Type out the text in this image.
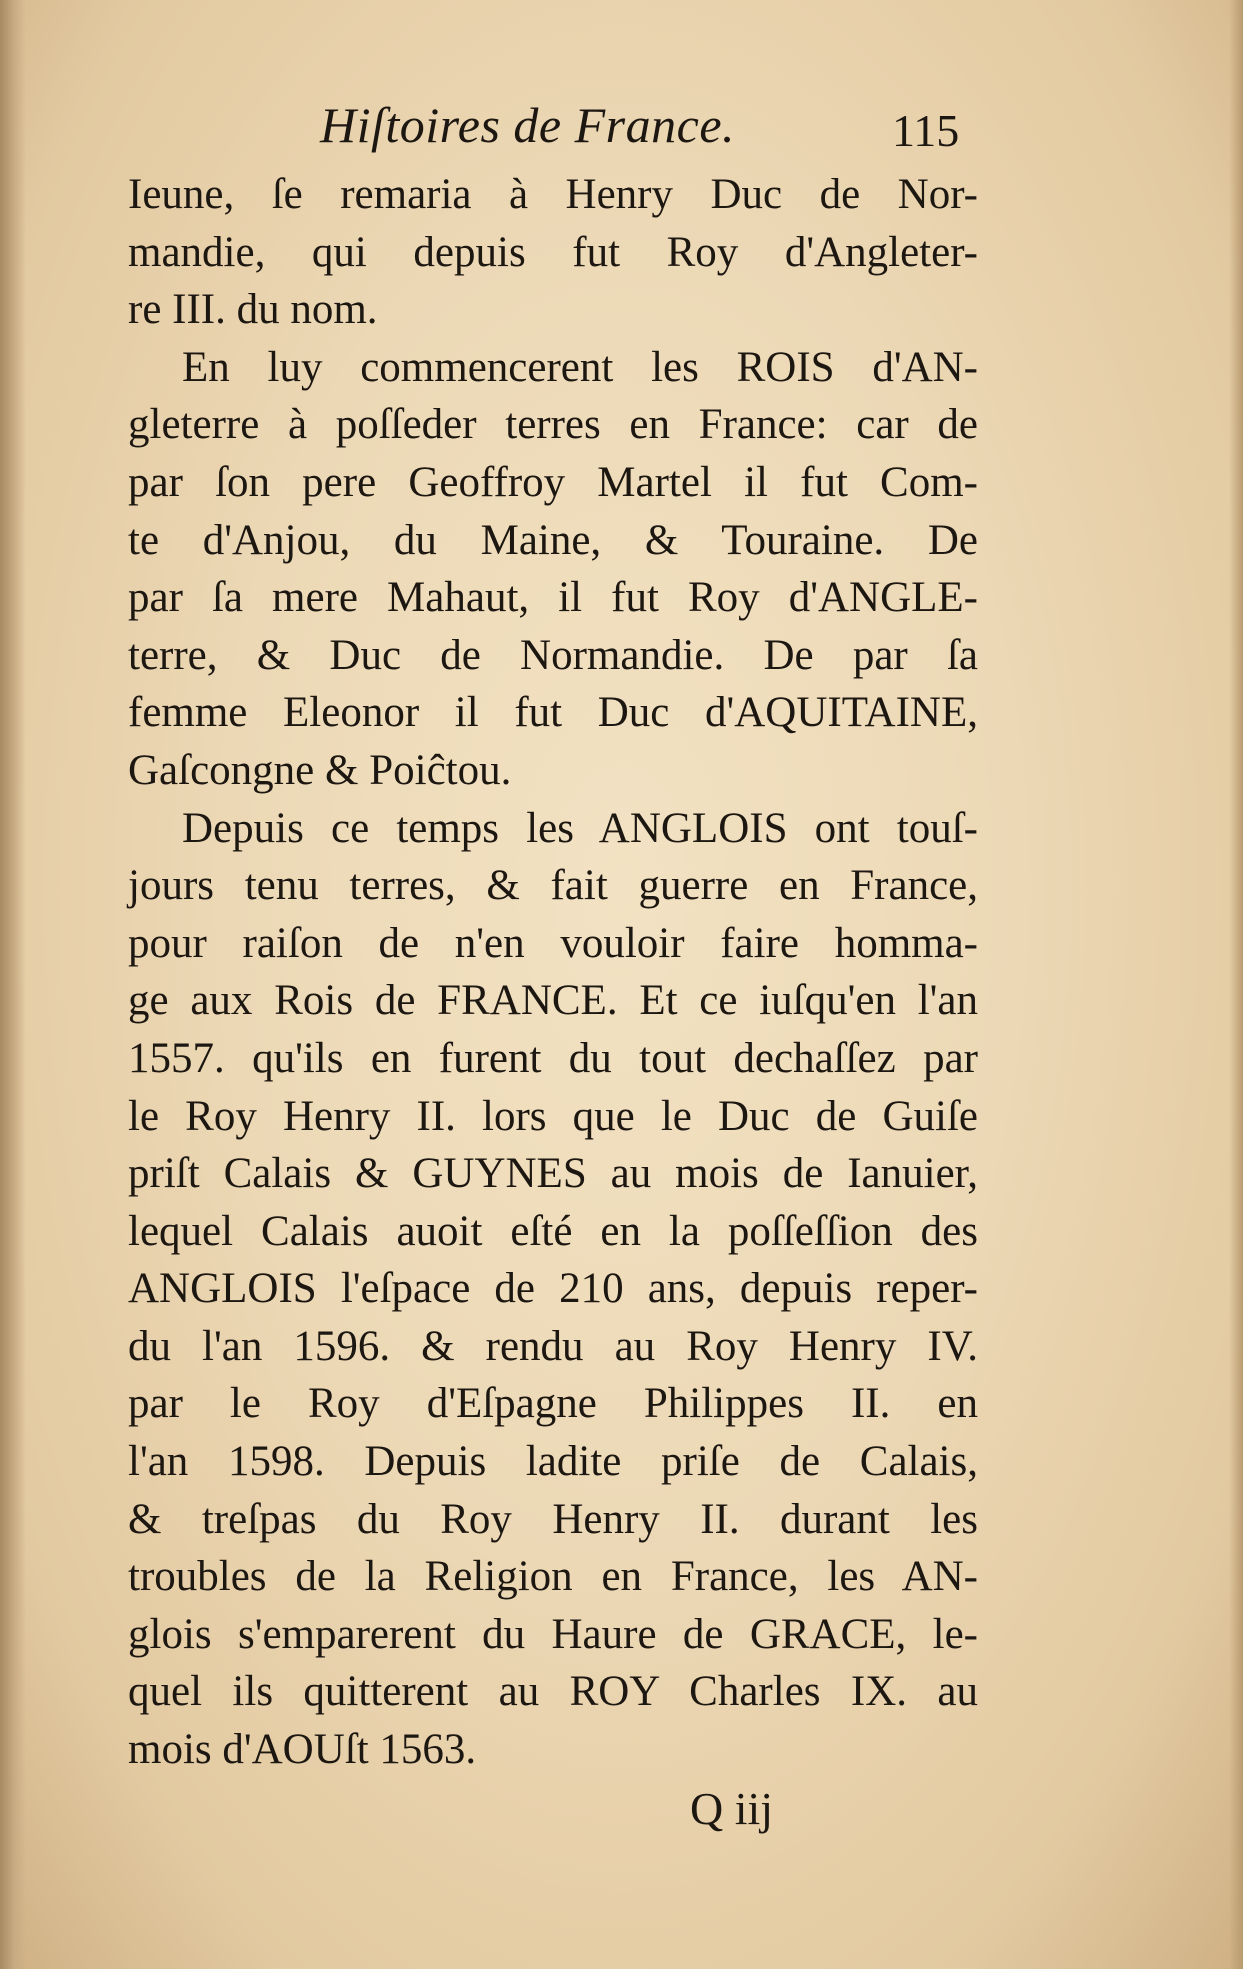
Hiſtoires de France.	115
Ieune, ſe remaria à Henry Duc de Nor-
mandie, qui depuis fut Roy d'Angleter-
re III. du nom.
En luy commencerent les ROIS d'AN-
gleterre à poſſeder terres en France: car de
par ſon pere Geoffroy Martel il fut Com-
te d'Anjou, du Maine, & Touraine. De
par ſa mere Mahaut, il fut Roy d'ANGLE-
terre, & Duc de Normandie. De par ſa
femme Eleonor il fut Duc d'AQUITAINE,
Gaſcongne & Poiĉtou.
Depuis ce temps les ANGLOIS ont touſ-
jours tenu terres, & fait guerre en France,
pour raiſon de n'en vouloir faire homma-
ge aux Rois de FRANCE. Et ce iuſqu'en l'an
1557. qu'ils en furent du tout dechaſſez par
le Roy Henry II. lors que le Duc de Guiſe
priſt Calais & GUYNES au mois de Ianuier,
lequel Calais auoit eſté en la poſſeſſion des
ANGLOIS l'eſpace de 210 ans, depuis reper-
du l'an 1596. & rendu au Roy Henry IV.
par le Roy d'Eſpagne Philippes II. en
l'an 1598. Depuis ladite priſe de Calais,
& treſpas du Roy Henry II. durant les
troubles de la Religion en France, les AN-
glois s'emparerent du Haure de GRACE, le-
quel ils quitterent au ROY Charles IX. au
mois d'AOUſt 1563.
Q iij
